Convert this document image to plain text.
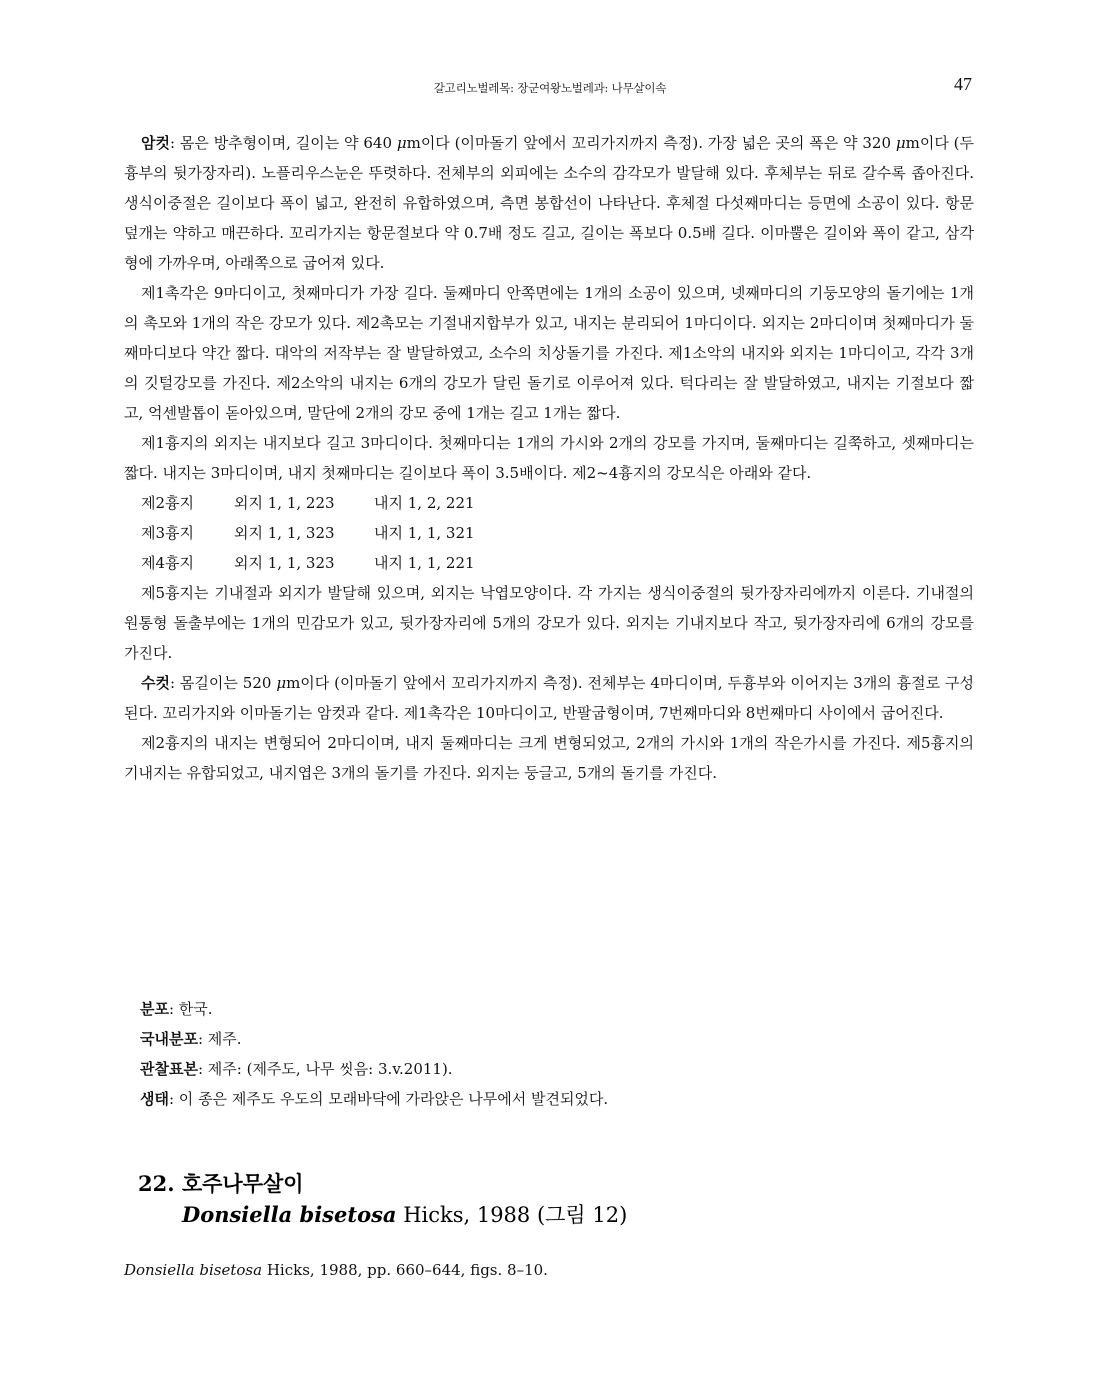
갈고리노벌레목: 장군여왕노벌레과: 나무살이속	47

암컷: 몸은 방추형이며, 길이는 약 640 μm이다 (이마돌기 앞에서 꼬리가지까지 측정). 가장 넓은 곳의 폭은 약 320 μm이다 (두흉부의 뒷가장자리). 노플리우스눈은 뚜렷하다. 전체부의 외피에는 소수의 감각모가 발달해 있다. 후체부는 뒤로 갈수록 좁아진다. 생식이중절은 길이보다 폭이 넓고, 완전히 유합하였으며, 측면 봉합선이 나타난다. 후체절 다섯째마디는 등면에 소공이 있다. 항문덮개는 약하고 매끈하다. 꼬리가지는 항문절보다 약 0.7배 정도 길고, 길이는 폭보다 0.5배 길다. 이마뿔은 길이와 폭이 같고, 삼각형에 가까우며, 아래쪽으로 굽어져 있다.

제1촉각은 9마디이고, 첫째마디가 가장 길다. 둘째마디 안쪽면에는 1개의 소공이 있으며, 넷째마디의 기둥모양의 돌기에는 1개의 촉모와 1개의 작은 강모가 있다. 제2촉모는 기절내지합부가 있고, 내지는 분리되어 1마디이다. 외지는 2마디이며 첫째마디가 둘째마디보다 약간 짧다. 대악의 저작부는 잘 발달하였고, 소수의 치상돌기를 가진다. 제1소악의 내지와 외지는 1마디이고, 각각 3개의 깃털강모를 가진다. 제2소악의 내지는 6개의 강모가 달린 돌기로 이루어져 있다. 턱다리는 잘 발달하였고, 내지는 기절보다 짧고, 억센발톱이 돋아있으며, 말단에 2개의 강모 중에 1개는 길고 1개는 짧다.

제1흉지의 외지는 내지보다 길고 3마디이다. 첫째마디는 1개의 가시와 2개의 강모를 가지며, 둘째마디는 길쭉하고, 셋째마디는 짧다. 내지는 3마디이며, 내지 첫째마디는 길이보다 폭이 3.5배이다. 제2~4흉지의 강모식은 아래와 같다.

제2흉지	외지 1, 1, 223	내지 1, 2, 221
제3흉지	외지 1, 1, 323	내지 1, 1, 321
제4흉지	외지 1, 1, 323	내지 1, 1, 221

제5흉지는 기내절과 외지가 발달해 있으며, 외지는 낙엽모양이다. 각 가지는 생식이중절의 뒷가장자리에까지 이른다. 기내절의 원통형 돌출부에는 1개의 민감모가 있고, 뒷가장자리에 5개의 강모가 있다. 외지는 기내지보다 작고, 뒷가장자리에 6개의 강모를 가진다.

수컷: 몸길이는 520 μm이다 (이마돌기 앞에서 꼬리가지까지 측정). 전체부는 4마디이며, 두흉부와 이어지는 3개의 흉절로 구성된다. 꼬리가지와 이마돌기는 암컷과 같다. 제1촉각은 10마디이고, 반팔굽형이며, 7번째마디와 8번째마디 사이에서 굽어진다.

제2흉지의 내지는 변형되어 2마디이며, 내지 둘째마디는 크게 변형되었고, 2개의 가시와 1개의 작은가시를 가진다. 제5흉지의 기내지는 유합되었고, 내지엽은 3개의 돌기를 가진다. 외지는 둥글고, 5개의 돌기를 가진다.

분포: 한국.

국내분포: 제주.

관찰표본: 제주: (제주도, 나무 씻음: 3.v.2011).

생태: 이 종은 제주도 우도의 모래바닥에 가라앉은 나무에서 발견되었다.

22. 호주나무살이
Donsiella bisetosa Hicks, 1988 (그림 12)
Donsiella bisetosa Hicks, 1988, pp. 660–644, figs. 8–10.
